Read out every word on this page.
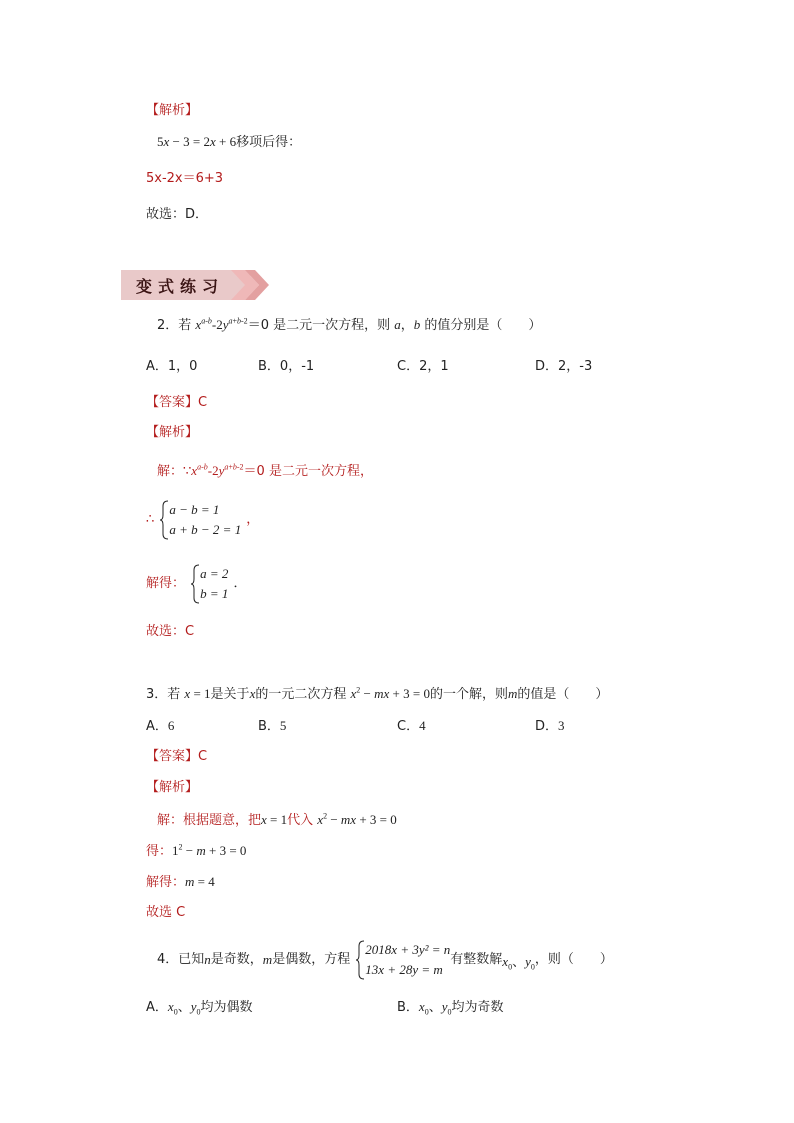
【解析】
5x − 3 = 2x + 6移项后得：
5x-2x＝6+3
故选：D．
变式练习
2．若 $x^{a-b}-2y^{a+b-2}=0$ 是二元一次方程，则 a，b 的值分别是（　　）
A．1，0	B．0，-1	C．2，1	D．2，-3
【答案】C
【解析】
解：$\because x^{a-b}-2y^{a+b-2}=0$ 是二元一次方程，
∴
a − b = 1
a + b − 2 = 1
，
解得：
a = 2
b = 1
．
故选：C
3．若 x = 1是关于x的一元二次方程 $x^2$ − mx + 3 = 0的一个解，则m的值是（　　）
A．6	B．5	C．4	D．3
【答案】C
【解析】
解：根据题意，把x = 1代入 $x^2$ − mx + 3 = 0
得：$1^2 - m + 3 = 0$
解得：m = 4
故选 C
4．已知n是奇数，m是偶数，方程
2018x + 3y² = n
13x + 28y = m
有整数解$x_0$、$y_0$，则（　　）
A．$x_0$、$y_0$均为偶数	B．$x_0$、$y_0$均为奇数
